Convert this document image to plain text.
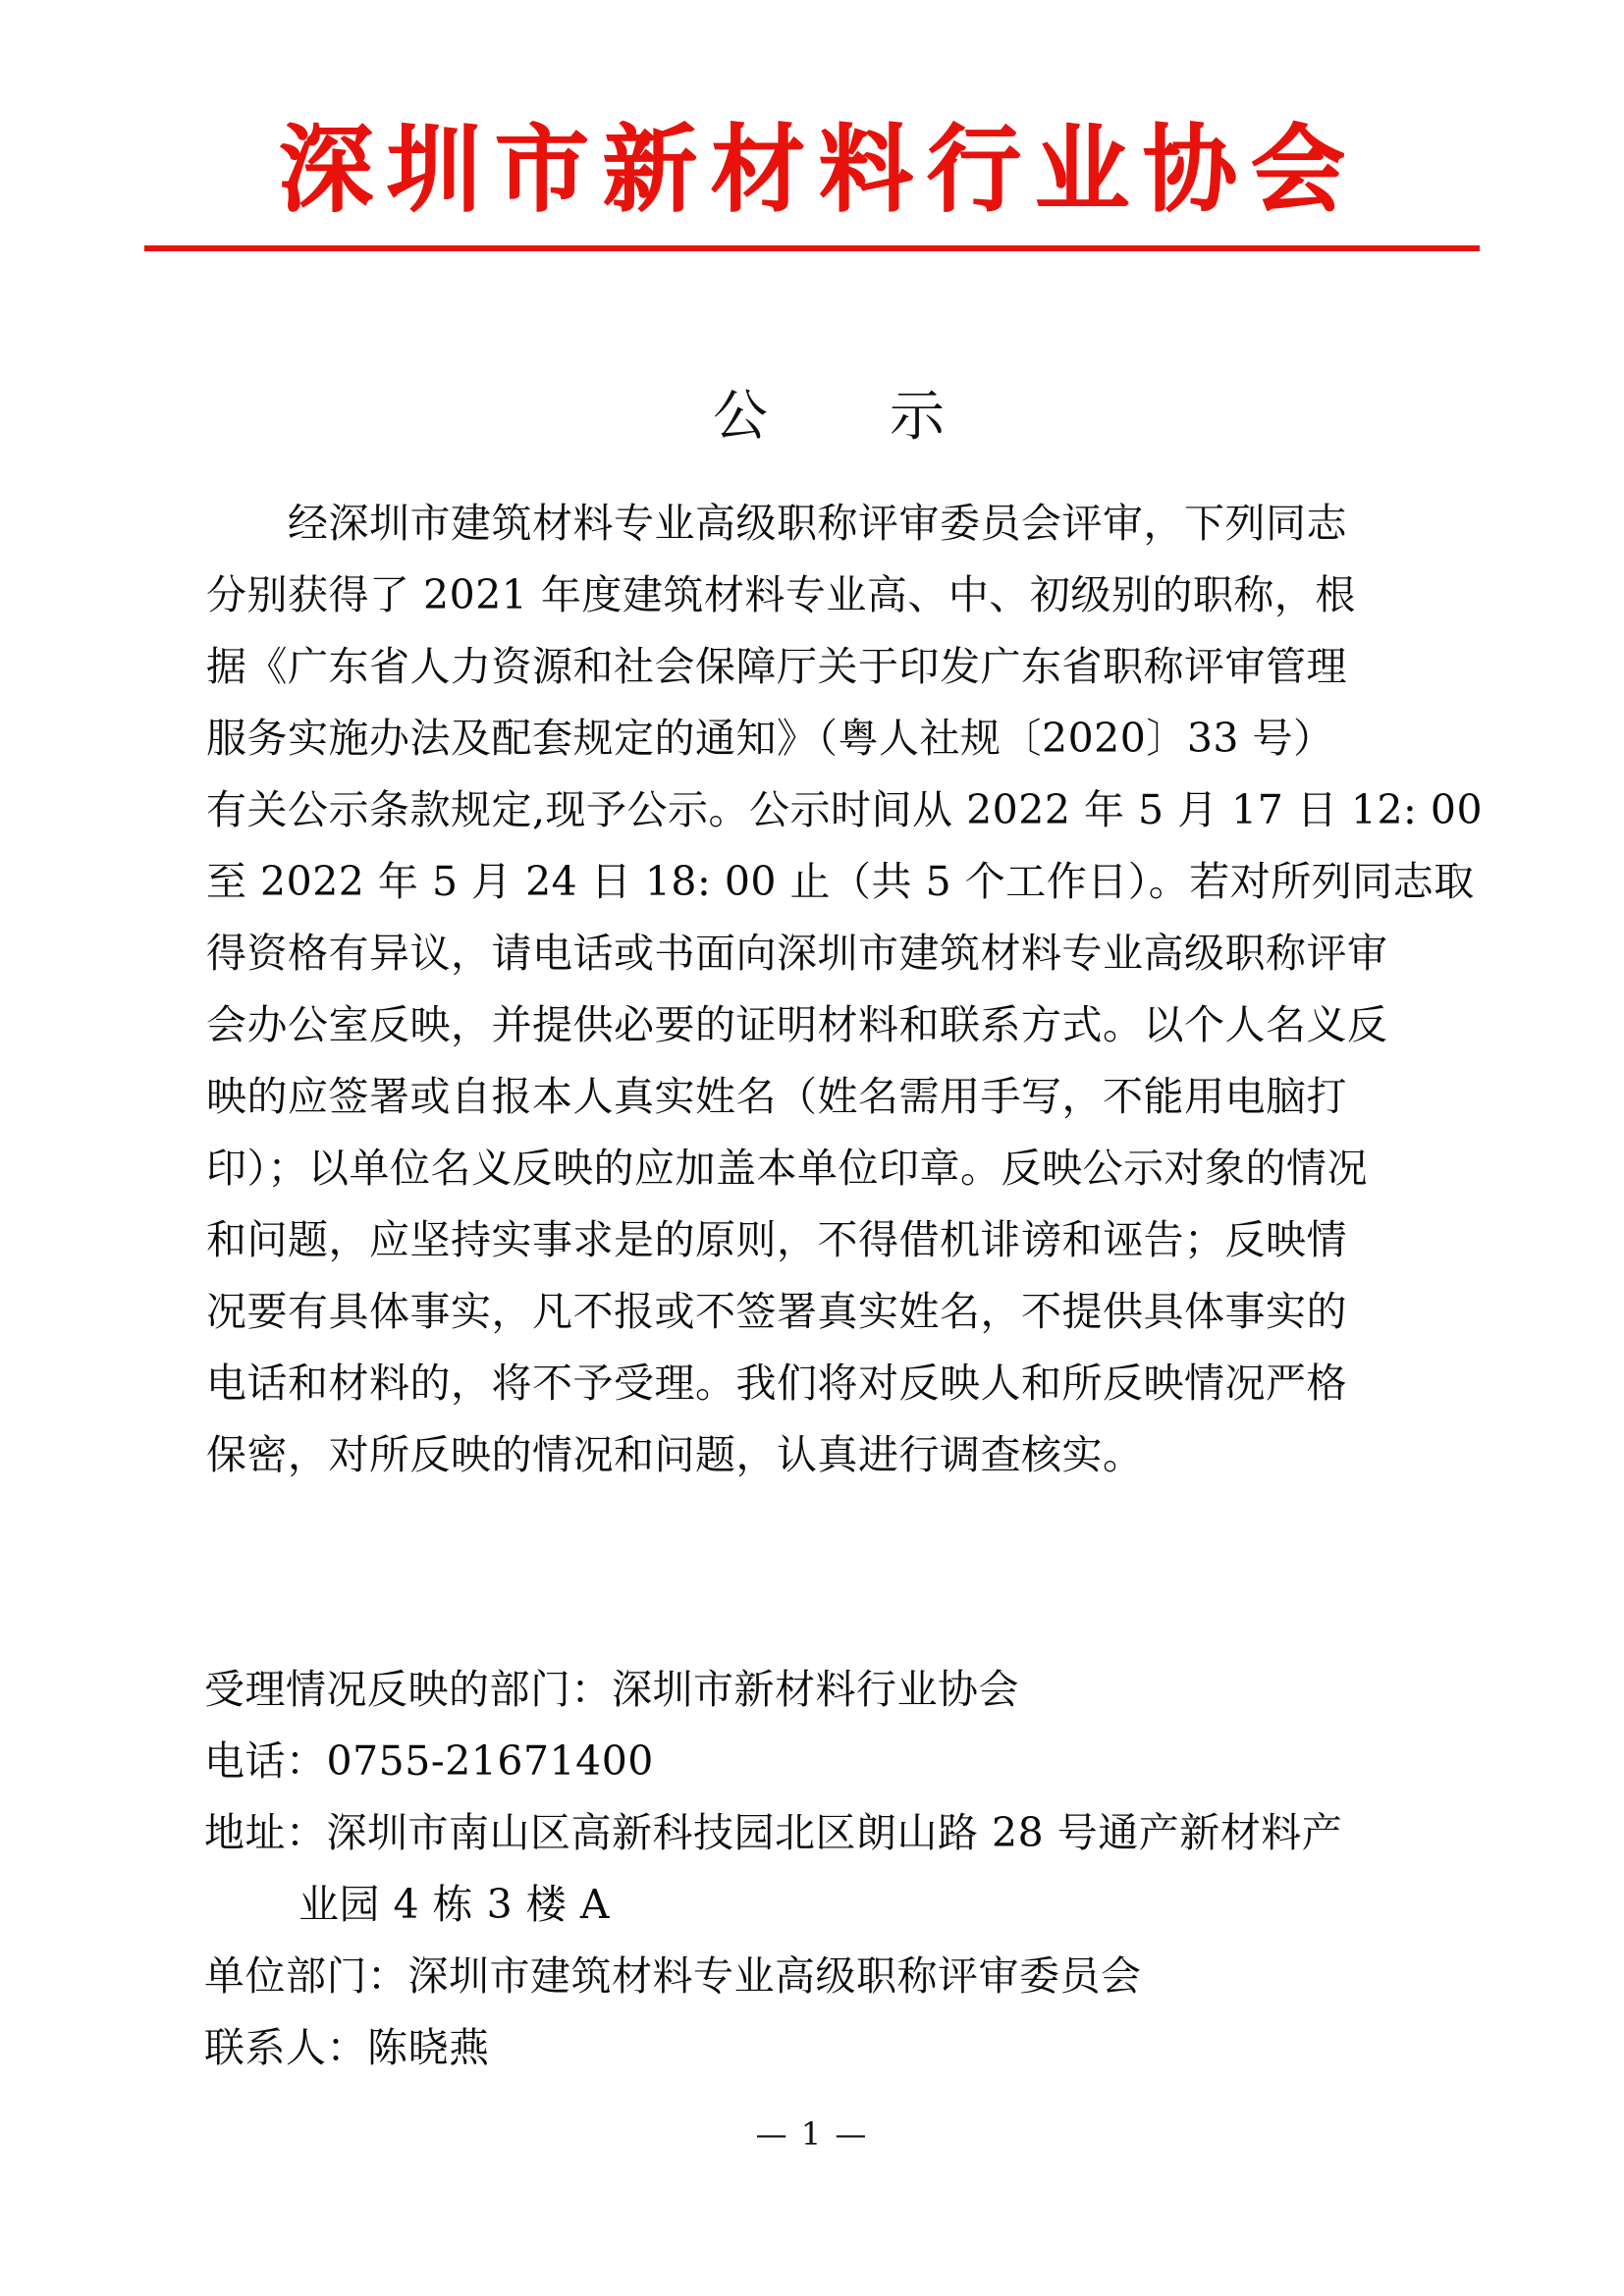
深圳市新材料行业协会
公　示
　　经深圳市建筑材料专业高级职称评审委员会评审，下列同志
分别获得了 2021 年度建筑材料专业高、中、初级别的职称，根
据《广东省人力资源和社会保障厅关于印发广东省职称评审管理
服务实施办法及配套规定的通知》（粤人社规〔2020〕33 号）
有关公示条款规定,现予公示。公示时间从 2022 年 5 月 17 日 12: 00
至 2022 年 5 月 24 日 18: 00 止（共 5 个工作日）。若对所列同志取
得资格有异议，请电话或书面向深圳市建筑材料专业高级职称评审
会办公室反映，并提供必要的证明材料和联系方式。以个人名义反
映的应签署或自报本人真实姓名（姓名需用手写，不能用电脑打
印）；以单位名义反映的应加盖本单位印章。反映公示对象的情况
和问题，应坚持实事求是的原则，不得借机诽谤和诬告；反映情
况要有具体事实，凡不报或不签署真实姓名，不提供具体事实的
电话和材料的，将不予受理。我们将对反映人和所反映情况严格
保密，对所反映的情况和问题，认真进行调查核实。
受理情况反映的部门：深圳市新材料行业协会
电话：0755-21671400
地址：深圳市南山区高新科技园北区朗山路 28 号通产新材料产
业园 4 栋 3 楼 A
单位部门：深圳市建筑材料专业高级职称评审委员会
联系人：陈晓燕
— 1 —
